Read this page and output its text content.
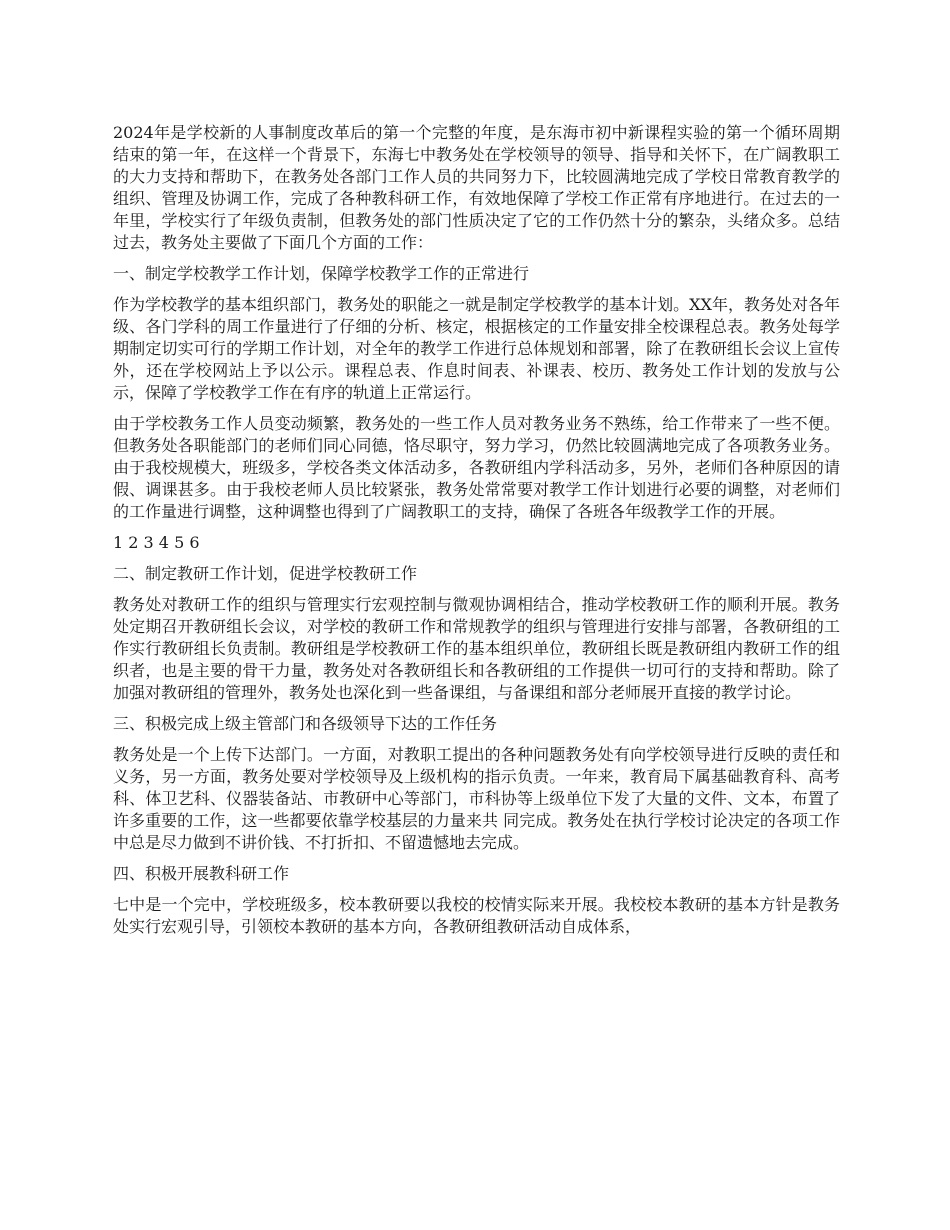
2024年是学校新的人事制度改革后的第一个完整的年度，是东海市初中新课程实验的第一个循环周期结束的第一年，在这样一个背景下，东海七中教务处在学校领导的领导、指导和关怀下，在广阔教职工的大力支持和帮助下，在教务处各部门工作人员的共同努力下，比较圆满地完成了学校日常教育教学的组织、管理及协调工作，完成了各种教科研工作，有效地保障了学校工作正常有序地进行。在过去的一年里，学校实行了年级负责制，但教务处的部门性质决定了它的工作仍然十分的繁杂，头绪众多。总结过去，教务处主要做了下面几个方面的工作：

一、制定学校教学工作计划，保障学校教学工作的正常进行

作为学校教学的基本组织部门，教务处的职能之一就是制定学校教学的基本计划。XX年，教务处对各年级、各门学科的周工作量进行了仔细的分析、核定，根据核定的工作量安排全校课程总表。教务处每学期制定切实可行的学期工作计划，对全年的教学工作进行总体规划和部署，除了在教研组长会议上宣传外，还在学校网站上予以公示。课程总表、作息时间表、补课表、校历、教务处工作计划的发放与公示，保障了学校教学工作在有序的轨道上正常运行。

由于学校教务工作人员变动频繁，教务处的一些工作人员对教务业务不熟练，给工作带来了一些不便。但教务处各职能部门的老师们同心同德，恪尽职守，努力学习，仍然比较圆满地完成了各项教务业务。由于我校规模大，班级多，学校各类文体活动多，各教研组内学科活动多，另外，老师们各种原因的请假、调课甚多。由于我校老师人员比较紧张，教务处常常要对教学工作计划进行必要的调整，对老师们的工作量进行调整，这种调整也得到了广阔教职工的支持，确保了各班各年级教学工作的开展。

1 2 3 4 5 6

二、制定教研工作计划，促进学校教研工作

教务处对教研工作的组织与管理实行宏观控制与微观协调相结合，推动学校教研工作的顺利开展。教务处定期召开教研组长会议，对学校的教研工作和常规教学的组织与管理进行安排与部署，各教研组的工作实行教研组长负责制。教研组是学校教研工作的基本组织单位，教研组长既是教研组内教研工作的组织者，也是主要的骨干力量，教务处对各教研组长和各教研组的工作提供一切可行的支持和帮助。除了加强对教研组的管理外，教务处也深化到一些备课组，与备课组和部分老师展开直接的教学讨论。

三、积极完成上级主管部门和各级领导下达的工作任务

教务处是一个上传下达部门。一方面，对教职工提出的各种问题教务处有向学校领导进行反映的责任和义务，另一方面，教务处要对学校领导及上级机构的指示负责。一年来，教育局下属基础教育科、高考科、体卫艺科、仪器装备站、市教研中心等部门，市科协等上级单位下发了大量的文件、文本，布置了许多重要的工作，这一些都要依靠学校基层的力量来共 同完成。教务处在执行学校讨论决定的各项工作中总是尽力做到不讲价钱、不打折扣、不留遗憾地去完成。

四、积极开展教科研工作

七中是一个完中，学校班级多，校本教研要以我校的校情实际来开展。我校校本教研的基本方针是教务处实行宏观引导，引领校本教研的基本方向，各教研组教研活动自成体系，
